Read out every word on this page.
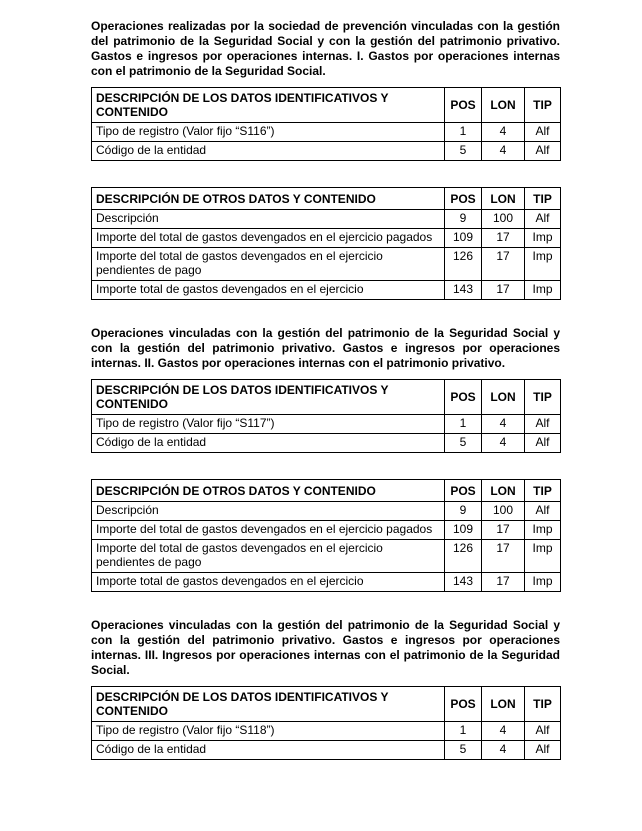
Operaciones realizadas por la sociedad de prevención vinculadas con la gestión del patrimonio de la Seguridad Social y con la gestión del patrimonio privativo. Gastos e ingresos por operaciones internas. I. Gastos por operaciones internas con el patrimonio de la Seguridad Social.

DESCRIPCIÓN DE LOS DATOS IDENTIFICATIVOS Y CONTENIDO	POS	LON	TIP
Tipo de registro (Valor fijo “S116”)	1	4	Alf
Código de la entidad	5	4	Alf
DESCRIPCIÓN DE OTROS DATOS Y CONTENIDO	POS	LON	TIP
Descripción	9	100	Alf
Importe del total de gastos devengados en el ejercicio pagados	109	17	Imp
Importe del total de gastos devengados en el ejercicio pendientes de pago	126	17	Imp
Importe total de gastos devengados en el ejercicio	143	17	Imp

Operaciones vinculadas con la gestión del patrimonio de la Seguridad Social y con la gestión del patrimonio privativo. Gastos e ingresos por operaciones internas. II. Gastos por operaciones internas con el patrimonio privativo.

DESCRIPCIÓN DE LOS DATOS IDENTIFICATIVOS Y CONTENIDO	POS	LON	TIP
Tipo de registro (Valor fijo “S117”)	1	4	Alf
Código de la entidad	5	4	Alf
DESCRIPCIÓN DE OTROS DATOS Y CONTENIDO	POS	LON	TIP
Descripción	9	100	Alf
Importe del total de gastos devengados en el ejercicio pagados	109	17	Imp
Importe del total de gastos devengados en el ejercicio pendientes de pago	126	17	Imp
Importe total de gastos devengados en el ejercicio	143	17	Imp

Operaciones vinculadas con la gestión del patrimonio de la Seguridad Social y con la gestión del patrimonio privativo. Gastos e ingresos por operaciones internas. III. Ingresos por operaciones internas con el patrimonio de la Seguridad Social.

DESCRIPCIÓN DE LOS DATOS IDENTIFICATIVOS Y CONTENIDO	POS	LON	TIP
Tipo de registro (Valor fijo “S118”)	1	4	Alf
Código de la entidad	5	4	Alf
